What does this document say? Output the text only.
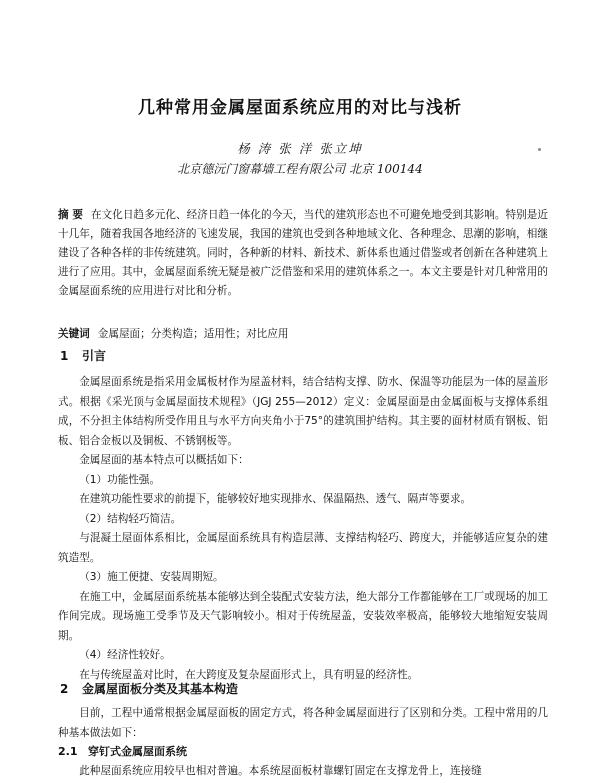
几种常用金属屋面系统应用的对比与浅析
杨 涛 张 洋 张立坤
北京德沅门窗幕墙工程有限公司 北京 100144
摘 要 在文化日趋多元化、经济日趋一体化的今天，当代的建筑形态也不可避免地受到其影响。特别是近十几年，随着我国各地经济的飞速发展，我国的建筑也受到各种地域文化、各种理念、思潮的影响，相继建设了各种各样的非传统建筑。同时，各种新的材料、新技术、新体系也通过借鉴或者创新在各种建筑上进行了应用。其中，金属屋面系统无疑是被广泛借鉴和采用的建筑体系之一。本文主要是针对几种常用的金属屋面系统的应用进行对比和分析。
关键词 金属屋面；分类构造；适用性；对比应用
1 引言

金属屋面系统是指采用金属板材作为屋盖材料，结合结构支撑、防水、保温等功能层为一体的屋盖形式。根据《采光顶与金属屋面技术规程》（JGJ 255—2012）定义：金属屋面是由金属面板与支撑体系组成，不分担主体结构所受作用且与水平方向夹角小于75°的建筑围护结构。其主要的面材材质有钢板、铝板、铝合金板以及铜板、不锈钢板等。

金属屋面的基本特点可以概括如下：

（1）功能性强。

在建筑功能性要求的前提下，能够较好地实现排水、保温隔热、透气、隔声等要求。

（2）结构轻巧简洁。

与混凝土屋面体系相比，金属屋面系统具有构造层薄、支撑结构轻巧、跨度大，并能够适应复杂的建筑造型。

（3）施工便捷、安装周期短。

在施工中，金属屋面系统基本能够达到全装配式安装方法，绝大部分工作都能够在工厂或现场的加工作间完成。现场施工受季节及天气影响较小。相对于传统屋盖，安装效率极高，能够较大地缩短安装周期。

（4）经济性较好。

在与传统屋盖对比时，在大跨度及复杂屋面形式上，具有明显的经济性。

2 金属屋面板分类及其基本构造

目前，工程中通常根据金属屋面板的固定方式，将各种金属屋面进行了区别和分类。工程中常用的几种基本做法如下：

2.1 穿钉式金属屋面系统

此种屋面系统应用较早也相对普遍。本系统屋面板材靠螺钉固定在支撑龙骨上，连接缝
